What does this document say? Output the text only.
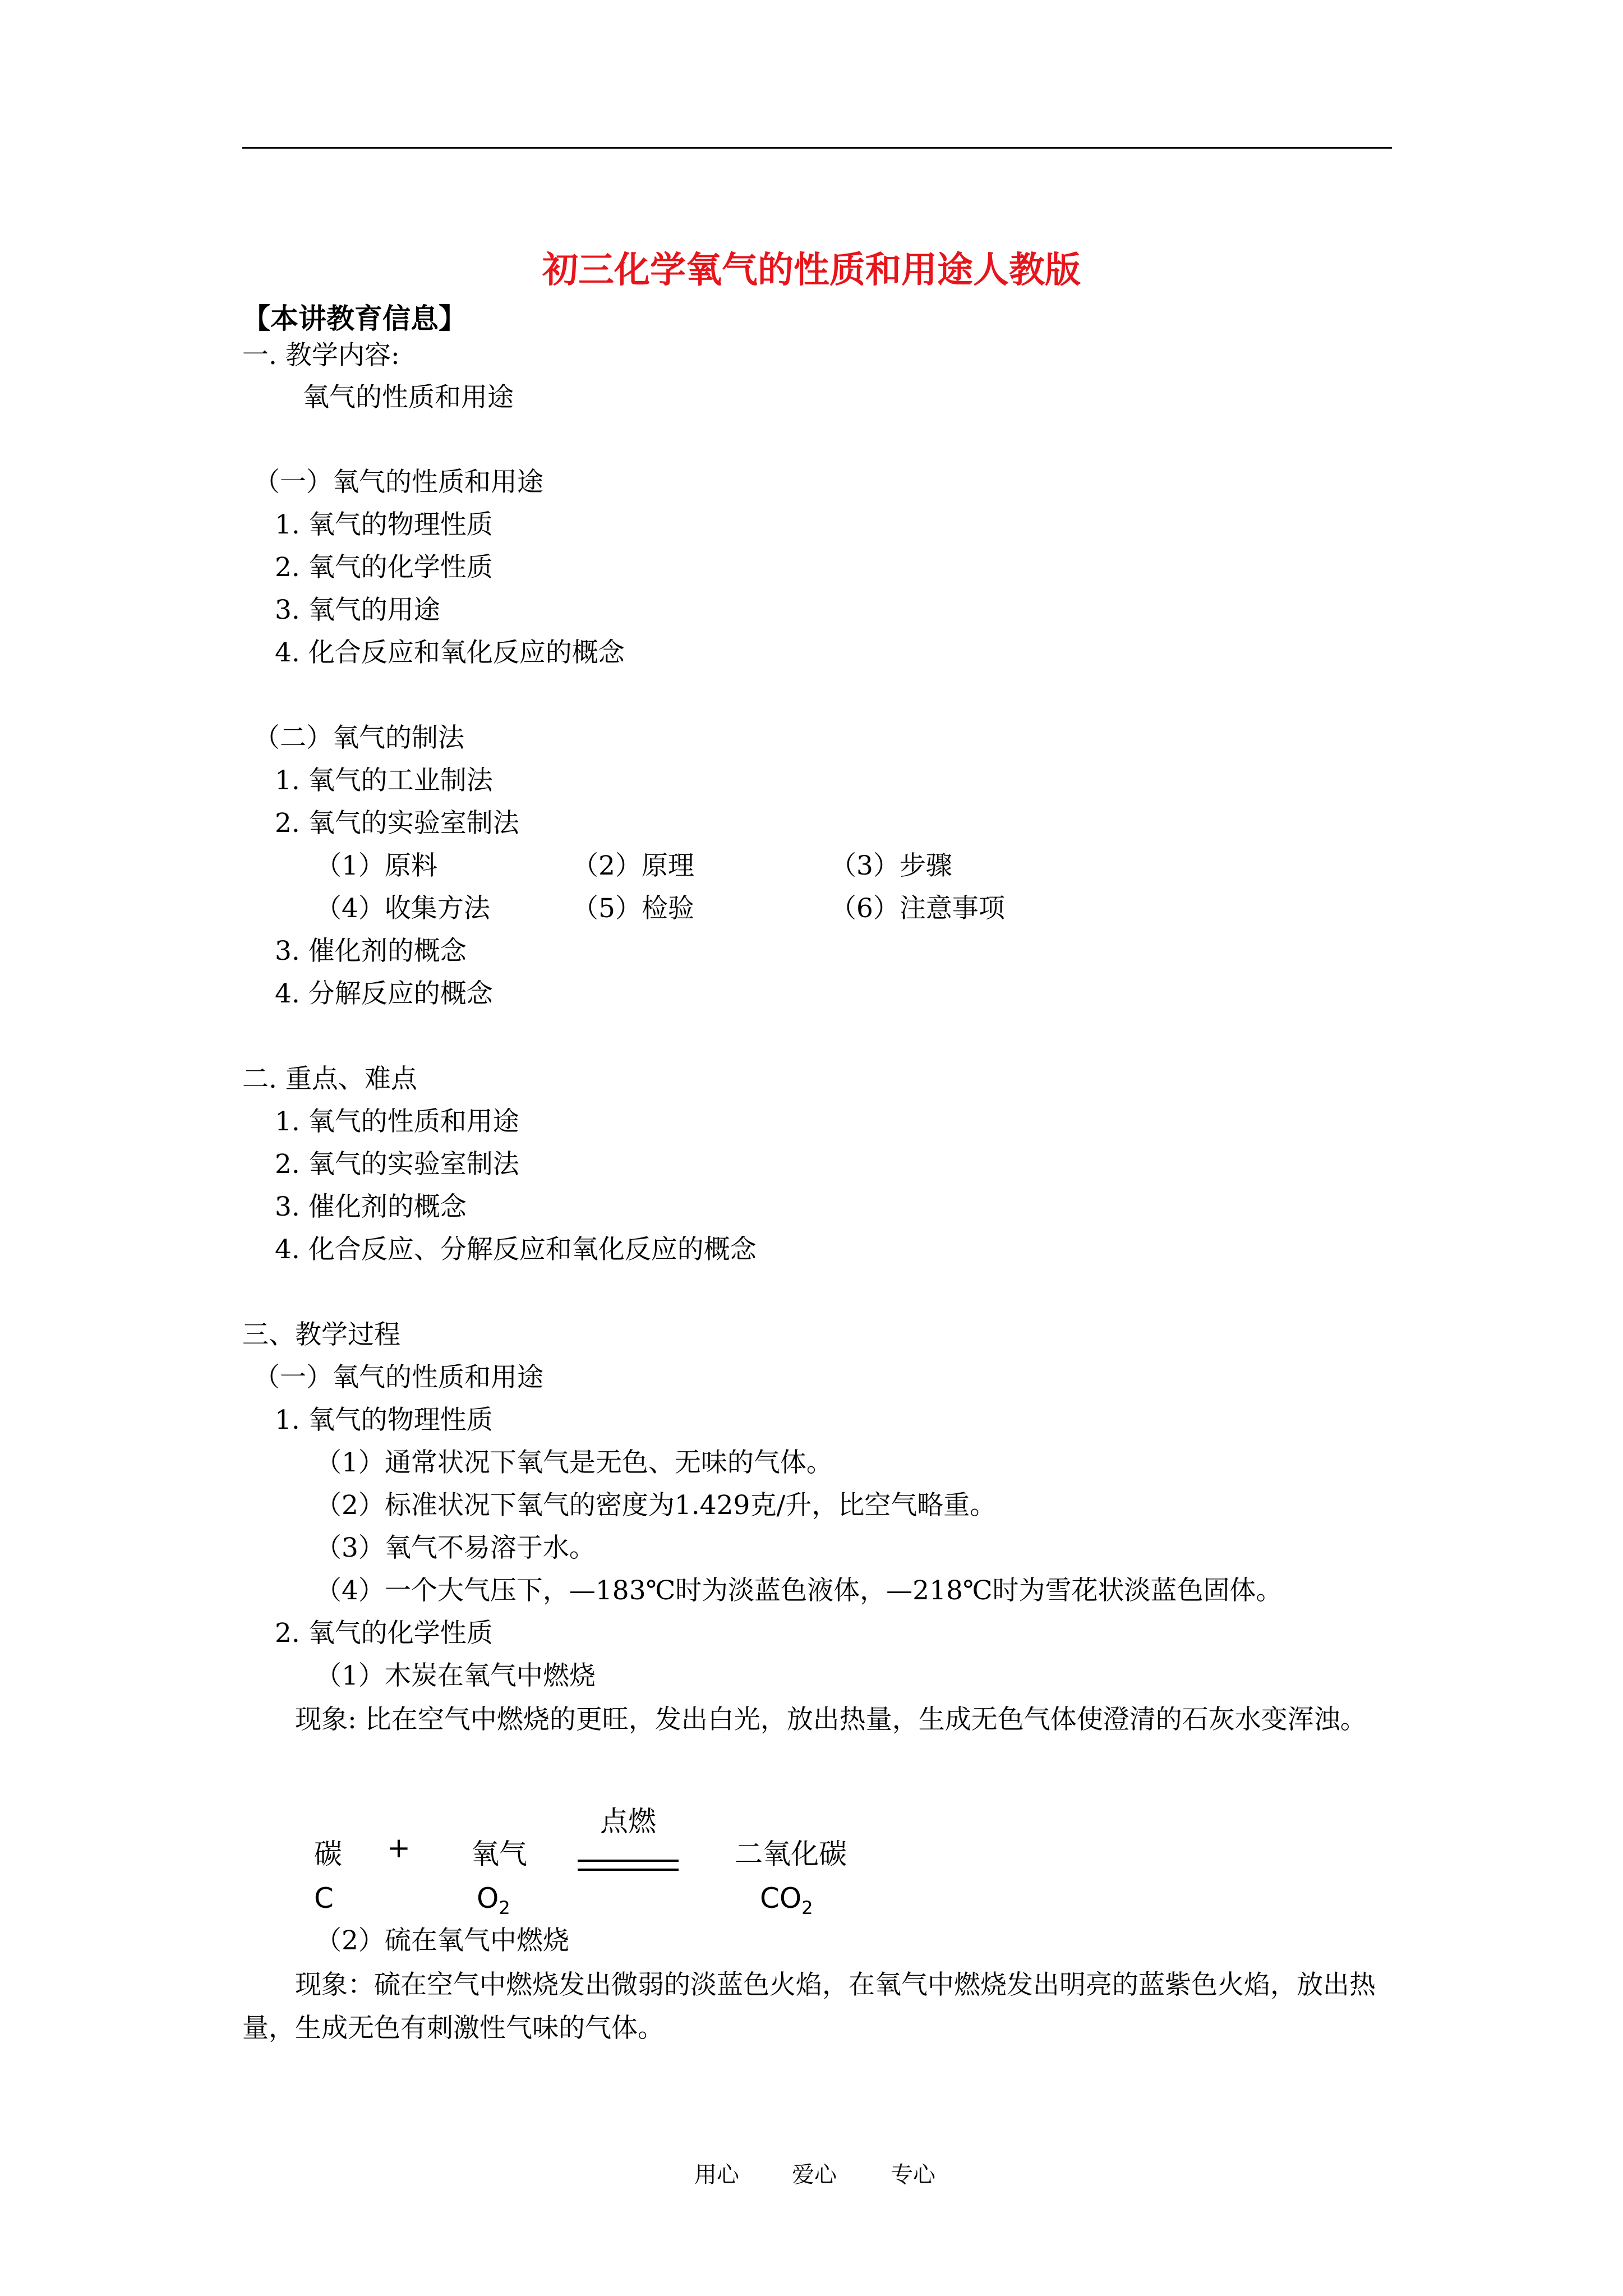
初三化学氧气的性质和用途人教版
【本讲教育信息】
一. 教学内容:
氧气的性质和用途
（一）氧气的性质和用途
1. 氧气的物理性质
2. 氧气的化学性质
3. 氧气的用途
4. 化合反应和氧化反应的概念
（二）氧气的制法
1. 氧气的工业制法
2. 氧气的实验室制法
（1）原料	（2）原理	（3）步骤
（4）收集方法	（5）检验	（6）注意事项
3. 催化剂的概念
4. 分解反应的概念
二. 重点、难点
1. 氧气的性质和用途
2. 氧气的实验室制法
3. 催化剂的概念
4. 化合反应、分解反应和氧化反应的概念
三、教学过程
（一）氧气的性质和用途
1. 氧气的物理性质
（1）通常状况下氧气是无色、无味的气体。
（2）标准状况下氧气的密度为1.429克/升，比空气略重。
（3）氧气不易溶于水。
（4）一个大气压下，—183℃时为淡蓝色液体，—218℃时为雪花状淡蓝色固体。
2. 氧气的化学性质
（1）木炭在氧气中燃烧
现象: 比在空气中燃烧的更旺，发出白光，放出热量，生成无色气体使澄清的石灰水变浑浊。
碳 + 氧气
点燃
二氧化碳
C	$O_2$	$CO_2$
（2）硫在氧气中燃烧
现象：硫在空气中燃烧发出微弱的淡蓝色火焰，在氧气中燃烧发出明亮的蓝紫色火焰，放出热量，生成无色有刺激性气味的气体。
用心 爱心 专心
